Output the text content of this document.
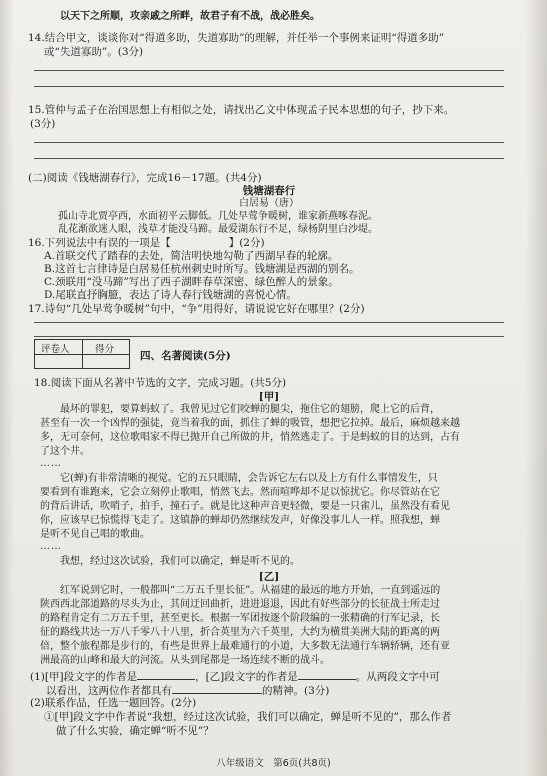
以天下之所顺，攻亲戚之所畔，故君子有不战，战必胜矣。
14.结合甲文，谈谈你对“得道多助，失道寡助”的理解，并任举一个事例来证明“得道多助”
或“失道寡助”。(3分)
15.管仲与孟子在治国思想上有相似之处，请找出乙文中体现孟子民本思想的句子，抄下来。
(3分)
(二)阅读《钱塘湖春行》，完成16－17题。(共4分)
钱塘湖春行
白居易（唐）
孤山寺北贾亭西，水面初平云脚低。几处早莺争暖树，谁家新燕啄春泥。
乱花渐欲迷人眼，浅草才能没马蹄。最爱湖东行不足，绿杨阴里白沙堤。
16.下列说法中有误的一项是【	】(2分)
A.首联交代了踏春的去处，简洁明快地勾勒了西湖早春的轮廓。
B.这首七言律诗是白居易任杭州刺史时所写。钱塘湖是西湖的别名。
C.颈联用“没马蹄”写出了西子湖畔春草深密、绿色醉人的景象。
D.尾联直抒胸臆，表达了诗人春行钱塘湖的喜悦心情。
17.诗句“几处早莺争暖树”句中，“争”用得好，请说说它好在哪里？(2分)
评卷人	得分
四、名著阅读(5分)
18.阅读下面从名著中节选的文字，完成习题。(共5分)
[甲]
最坏的罪犯，要算蚂蚁了。我曾见过它们咬蝉的腿尖，拖住它的翅膀，爬上它的后背，
甚至有一次一个凶悍的强徒，竟当着我的面，抓住了蝉的吸管，想把它拉掉。最后，麻烦越来越
多，无可奈何，这位歌唱家不得已抛开自己所做的井，悄然逃走了。于是蚂蚁的目的达到，占有
了这个井。
……
它(蝉)有非常清晰的视觉。它的五只眼睛，会告诉它左右以及上方有什么事情发生，只
要看到有谁跑来，它会立刻停止歌唱，悄然飞去。然而喧哗却不足以惊扰它。你尽管站在它
的背后讲话，吹哨子，拍手，撞石子。就是比这种声音更轻微，要是一只雀儿，虽然没有看见
你，应该早已惊慌得飞走了。这镇静的蝉却仍然继续发声，好像没事儿人一样。照我想，蝉
是听不见自己唱的歌曲。
……
我想，经过这次试验，我们可以确定，蝉是听不见的。
[乙]
红军说到它时，一般都叫“二万五千里长征”。从福建的最远的地方开始，一直到遥远的
陕西西北部道路的尽头为止，其间迂回曲折，进进退退，因此有好些部分的长征战士所走过
的路程肯定有二万五千里，甚至更长。根据一军团按逐个阶段编的一张精确的行军记录，长
征的路线共达一万八千零八十八里，折合英里为六千英里，大约为横贯美洲大陆的距离的两
倍，整个旅程都是步行的，有些是世界上最难通行的小道，大多数无法通行车辆轿辆，还有亚
洲最高的山峰和最大的河流。从头到尾都是一场连续不断的战斗。
(1)[甲]段文字的作者是	，[乙]段文字的作者是	。从两段文字中可
以看出，这两位作者都具有	的精神。(3分)
(2)联系作品，任选一题回答。(2分)
①[甲]段文字中作者说“我想，经过这次试验，我们可以确定，蝉是听不见的”，那么作者
做了什么实验，确定蝉“听不见”？
八年级语文　第6页(共8页)
